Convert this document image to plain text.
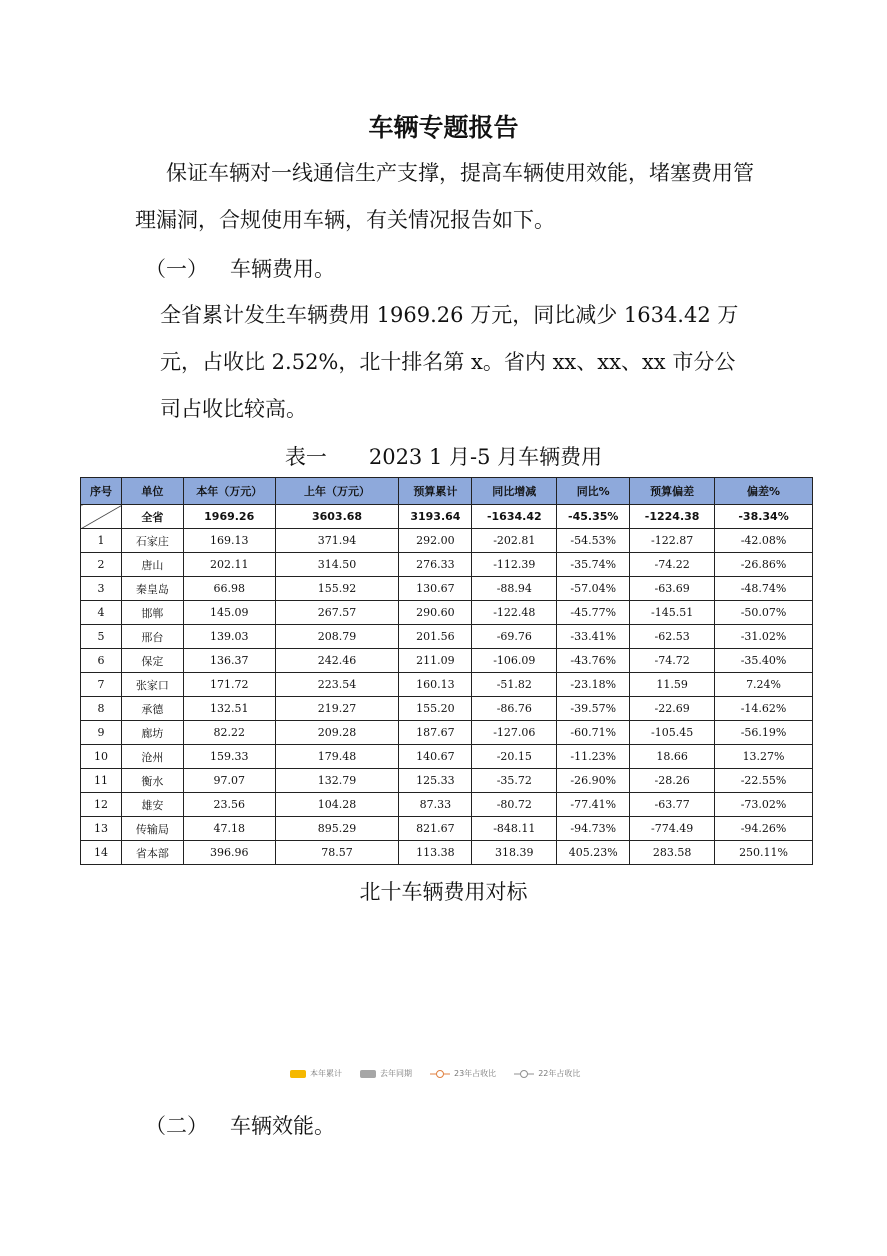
车辆专题报告
保证车辆对一线通信生产支撑，提高车辆使用效能，堵塞费用管理漏洞，合规使用车辆，有关情况报告如下。
（一） 车辆费用。
全省累计发生车辆费用 1969.26 万元，同比减少 1634.42 万元，占收比 2.52%，北十排名第 x。省内 xx、xx、xx 市分公司占收比较高。
表一　　2023 1 月-5 月车辆费用
序号	单位	本年（万元）	上年（万元）	预算累计	同比增减	同比%	预算偏差	偏差%
	全省	1969.26	3603.68	3193.64	-1634.42	-45.35%	-1224.38	-38.34%
1	石家庄	169.13	371.94	292.00	-202.81	-54.53%	-122.87	-42.08%
2	唐山	202.11	314.50	276.33	-112.39	-35.74%	-74.22	-26.86%
3	秦皇岛	66.98	155.92	130.67	-88.94	-57.04%	-63.69	-48.74%
4	邯郸	145.09	267.57	290.60	-122.48	-45.77%	-145.51	-50.07%
5	邢台	139.03	208.79	201.56	-69.76	-33.41%	-62.53	-31.02%
6	保定	136.37	242.46	211.09	-106.09	-43.76%	-74.72	-35.40%
7	张家口	171.72	223.54	160.13	-51.82	-23.18%	11.59	7.24%
8	承德	132.51	219.27	155.20	-86.76	-39.57%	-22.69	-14.62%
9	廊坊	82.22	209.28	187.67	-127.06	-60.71%	-105.45	-56.19%
10	沧州	159.33	179.48	140.67	-20.15	-11.23%	18.66	13.27%
11	衡水	97.07	132.79	125.33	-35.72	-26.90%	-28.26	-22.55%
12	雄安	23.56	104.28	87.33	-80.72	-77.41%	-63.77	-73.02%
13	传输局	47.18	895.29	821.67	-848.11	-94.73%	-774.49	-94.26%
14	省本部	396.96	78.57	113.38	318.39	405.23%	283.58	250.11%
北十车辆费用对标
本年累计	去年同期	23年占收比	22年占收比
（二） 车辆效能。
